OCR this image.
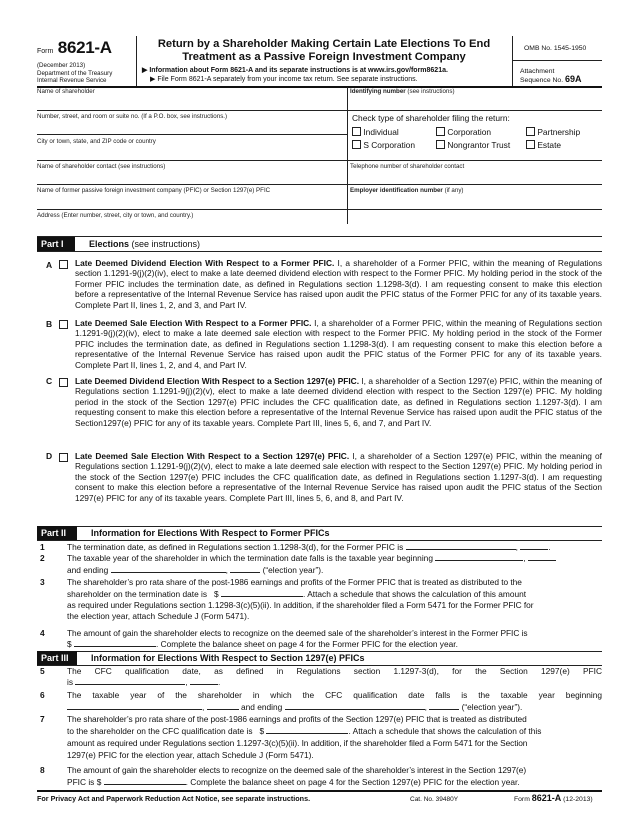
Form 8621-A
(December 2013)
Department of the Treasury
Internal Revenue Service
Return by a Shareholder Making Certain Late Elections To End
Treatment as a Passive Foreign Investment Company
▶ Information about Form 8621-A and its separate instructions is at www.irs.gov/form8621a.
▶ File Form 8621-A separately from your income tax return. See separate instructions.
OMB No. 1545-1950
Attachment
Sequence No. 69A
Name of shareholder	Identifying number (see instructions)
Number, street, and room or suite no. (If a P.O. box, see instructions.)
City or town, state, and ZIP code or country
Check type of shareholder filing the return:
Individual	Corporation	Partnership
S Corporation	Nongrantor Trust	Estate
Name of shareholder contact (see instructions)	Telephone number of shareholder contact
Name of former passive foreign investment company (PFIC) or Section 1297(e) PFIC	Employer identification number (if any)
Address (Enter number, street, city or town, and country.)
Part I	Elections (see instructions)
A	Late Deemed Dividend Election With Respect to a Former PFIC. I, a shareholder of a Former PFIC, within the meaning of Regulations section 1.1291-9(j)(2)(iv), elect to make a late deemed dividend election with respect to the Former PFIC. My holding period in the stock of the Former PFIC includes the termination date, as defined in Regulations section 1.1298-3(d). I am requesting consent to make this election before a representative of the Internal Revenue Service has raised upon audit the PFIC status of the Former PFIC for any of its taxable years. Complete Part II, lines 1, 2, and 3, and Part IV.
B	Late Deemed Sale Election With Respect to a Former PFIC. I, a shareholder of a Former PFIC, within the meaning of Regulations section 1.1291-9(j)(2)(iv), elect to make a late deemed sale election with respect to the Former PFIC. My holding period in the stock of the Former PFIC includes the termination date, as defined in Regulations section 1.1298-3(d). I am requesting consent to make this election before a representative of the Internal Revenue Service has raised upon audit the PFIC status of the Former PFIC for any of its taxable years. Complete Part II, lines 1, 2, and 4, and Part IV.
C	Late Deemed Dividend Election With Respect to a Section 1297(e) PFIC. I, a shareholder of a Section 1297(e) PFIC, within the meaning of Regulations section 1.1291-9(j)(2)(v), elect to make a late deemed dividend election with respect to the Section 1297(e) PFIC. My holding period in the stock of the Section 1297(e) PFIC includes the CFC qualification date, as defined in Regulations section 1.1297-3(d). I am requesting consent to make this election before a representative of the Internal Revenue Service has raised upon audit the PFIC status of the Section1297(e) PFIC for any of its taxable years. Complete Part III, lines 5, 6, and 7, and Part IV.
D	Late Deemed Sale Election With Respect to a Section 1297(e) PFIC. I, a shareholder of a Section 1297(e) PFIC, within the meaning of Regulations section 1.1291-9(j)(2)(v), elect to make a late deemed sale election with respect to the Section 1297(e) PFIC. My holding period in the stock of the Section 1297(e) PFIC includes the CFC qualification date, as defined in Regulations section 1.1297-3(d). I am requesting consent to make this election before a representative of the Internal Revenue Service has raised upon audit the PFIC status of the Section 1297(e) PFIC for any of its taxable years. Complete Part III, lines 5, 6, and 8, and Part IV.
Part II	Information for Elections With Respect to Former PFICs
1	The termination date, as defined in Regulations section 1.1298-3(d), for the Former PFIC is	,	.
2	The taxable year of the shareholder in which the termination date falls is the taxable year beginning	,
and ending	,	(“election year”).
3	The shareholder’s pro rata share of the post-1986 earnings and profits of the Former PFIC that is treated as distributed to the
shareholder on the termination date is $	. Attach a schedule that shows the calculation of this amount
as required under Regulations section 1.1298-3(c)(5)(ii). In addition, if the shareholder filed a Form 5471 for the Former PFIC for
the election year, attach Schedule J (Form 5471).
4	The amount of gain the shareholder elects to recognize on the deemed sale of the shareholder’s interest in the Former PFIC is
$	. Complete the balance sheet on page 4 for the Former PFIC for the election year.
Part III	Information for Elections With Respect to Section 1297(e) PFICs
5	The CFC qualification date, as defined in Regulations section 1.1297-3(d), for the Section 1297(e) PFIC
is	,	.
6	The taxable year of the shareholder in which the CFC qualification date falls is the taxable year beginning
,	and ending	,	(“election year”).
7	The shareholder’s pro rata share of the post-1986 earnings and profits of the Section 1297(e) PFIC that is treated as distributed
to the shareholder on the CFC qualification date is $	. Attach a schedule that shows the calculation of this
amount as required under Regulations section 1.1297-3(c)(5)(ii). In addition, if the shareholder filed a Form 5471 for the Section
1297(e) PFIC for the election year, attach Schedule J (Form 5471).
8	The amount of gain the shareholder elects to recognize on the deemed sale of the shareholder’s interest in the Section 1297(e)
PFIC is $	. Complete the balance sheet on page 4 for the Section 1297(e) PFIC for the election year.
For Privacy Act and Paperwork Reduction Act Notice, see separate instructions.	Cat. No. 39480Y	Form 8621-A (12-2013)
